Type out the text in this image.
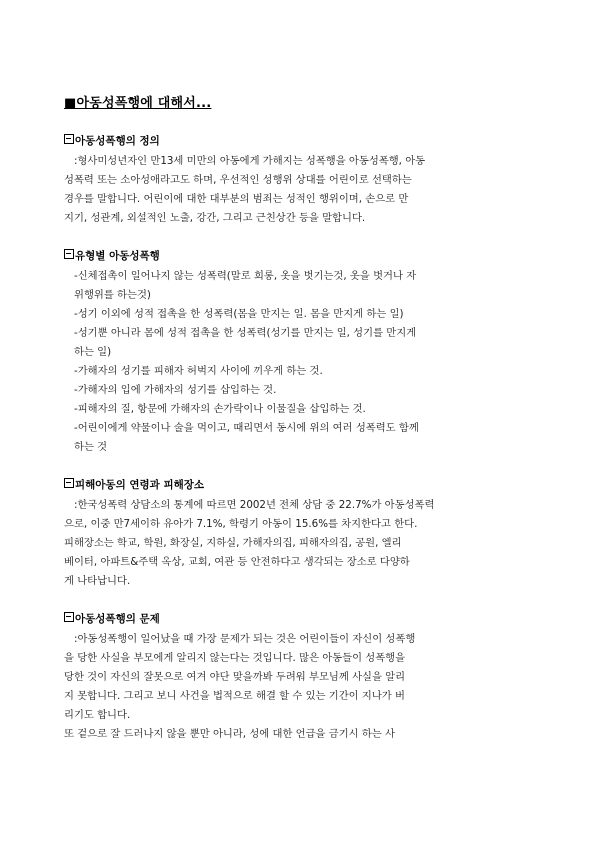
■아동성폭행에 대해서...
아동성폭행의 정의
:형사미성년자인 만13세 미만의 아동에게 가해지는 성폭행을 아동성폭행, 아동
성폭력 또는 소아성애라고도 하며, 우선적인 성행위 상대를 어린이로 선택하는
경우를 말합니다. 어린이에 대한 대부분의 범죄는 성적인 행위이며, 손으로 만
지기, 성관계, 외설적인 노출, 강간, 그리고 근친상간 등을 말합니다.
유형별 아동성폭행
-신체접촉이 일어나지 않는 성폭력(말로 희롱, 옷을 벗기는것, 옷을 벗거나 자
위행위를 하는것)
-성기 이외에 성적 접촉을 한 성폭력(몸을 만지는 일. 몸을 만지게 하는 일)
-성기뿐 아니라 몸에 성적 접촉을 한 성폭력(성기를 만지는 일, 성기를 만지게
하는 일)
-가해자의 성기를 피해자 허벅지 사이에 끼우게 하는 것.
-가해자의 입에 가해자의 성기를 삽입하는 것.
-피해자의 질, 항문에 가해자의 손가락이나 이물질을 삽입하는 것.
-어린이에게 약물이나 술을 먹이고, 때리면서 동시에 위의 여러 성폭력도 함께
하는 것
피해아동의 연령과 피해장소
:한국성폭력 상담소의 통계에 따르면 2002년 전체 상담 중 22.7%가 아동성폭력
으로, 이중 만7세이하 유아가 7.1%, 학령기 아동이 15.6%를 차지한다고 한다.
피해장소는 학교, 학원, 화장실, 지하실, 가해자의집, 피해자의집, 공원, 엘리
베이터, 아파트&주택 옥상, 교회, 여관 등 안전하다고 생각되는 장소로 다양하
게 나타납니다.
아동성폭행의 문제
:아동성폭행이 일어났을 때 가장 문제가 되는 것은 어린이들이 자신이 성폭행
을 당한 사실을 부모에게 알리지 않는다는 것입니다. 많은 아동들이 성폭행을
당한 것이 자신의 잘못으로 여겨 야단 맞을까봐 두려워 부모님께 사실을 알리
지 못합니다. 그리고 보니 사건을 법적으로 해결 할 수 있는 기간이 지나가 버
리기도 합니다.
또 겉으로 잘 드러나지 않을 뿐만 아니라, 성에 대한 언급을 금기시 하는 사
